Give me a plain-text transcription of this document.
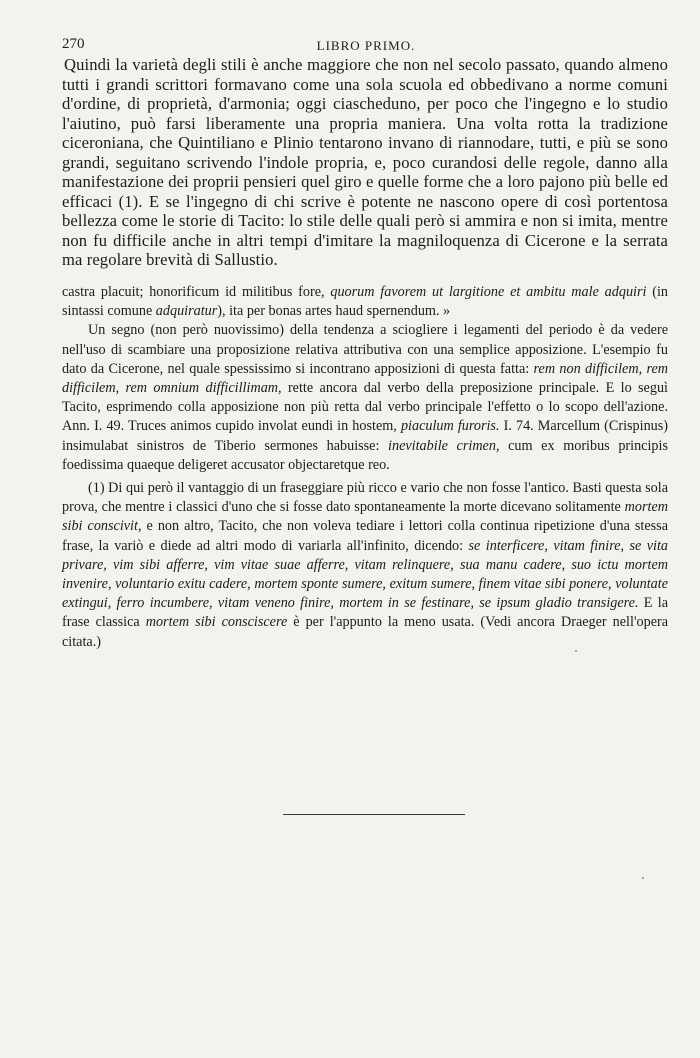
270	LIBRO PRIMO.

Quindi la varietà degli stili è anche maggiore che non nel secolo passato, quando almeno tutti i grandi scrittori formavano come una sola scuola ed obbedivano a norme comuni d'ordine, di proprietà, d'armonia; oggi ciascheduno, per poco che l'ingegno e lo studio l'aiutino, può farsi liberamente una propria maniera. Una volta rotta la tradizione ciceroniana, che Quintiliano e Plinio tentarono invano di riannodare, tutti, e più se sono grandi, seguitano scrivendo l'indole propria, e, poco curandosi delle regole, danno alla manifestazione dei proprii pensieri quel giro e quelle forme che a loro pajono più belle ed efficaci (1). E se l'ingegno di chi scrive è potente ne nascono opere di così portentosa bellezza come le storie di Tacito: lo stile delle quali però si ammira e non si imita, mentre non fu difficile anche in altri tempi d'imitare la magniloquenza di Cicerone e la serrata ma regolare brevità di Sallustio.

castra placuit; honorificum id militibus fore, quorum favorem ut largitione et ambitu male adquiri (in sintassi comune adquiratur), ita per bonas artes haud spernendum. »

Un segno (non però nuovissimo) della tendenza a sciogliere i legamenti del periodo è da vedere nell'uso di scambiare una proposizione relativa attributiva con una semplice apposizione. L'esempio fu dato da Cicerone, nel quale spessissimo si incontrano apposizioni di questa fatta: rem non difficilem, rem difficilem, rem omnium difficillimam, rette ancora dal verbo della preposizione principale. E lo seguì Tacito, esprimendo colla apposizione non più retta dal verbo principale l'effetto o lo scopo dell'azione. Ann. I. 49. Truces animos cupido involat eundi in hostem, piaculum furoris. I. 74. Marcellum (Crispinus) insimulabat sinistros de Tiberio sermones habuisse: inevitabile crimen, cum ex moribus principis foedissima quaeque deligeret accusator objectaretque reo.

(1) Di qui però il vantaggio di un fraseggiare più ricco e vario che non fosse l'antico. Basti questa sola prova, che mentre i classici d'uno che si fosse dato spontaneamente la morte dicevano solitamente mortem sibi conscivit, e non altro, Tacito, che non voleva tediare i lettori colla continua ripetizione d'una stessa frase, la variò e diede ad altri modo di variarla all'infinito, dicendo: se interficere, vitam finire, se vita privare, vim sibi afferre, vim vitae suae afferre, vitam relinquere, sua manu cadere, suo ictu mortem invenire, voluntario exitu cadere, mortem sponte sumere, exitum sumere, finem vitae sibi ponere, voluntate extingui, ferro incumbere, vitam veneno finire, mortem in se festinare, se ipsum gladio transigere. E la frase classica mortem sibi consciscere è per l'appunto la meno usata. (Vedi ancora Draeger nell'opera citata.)
